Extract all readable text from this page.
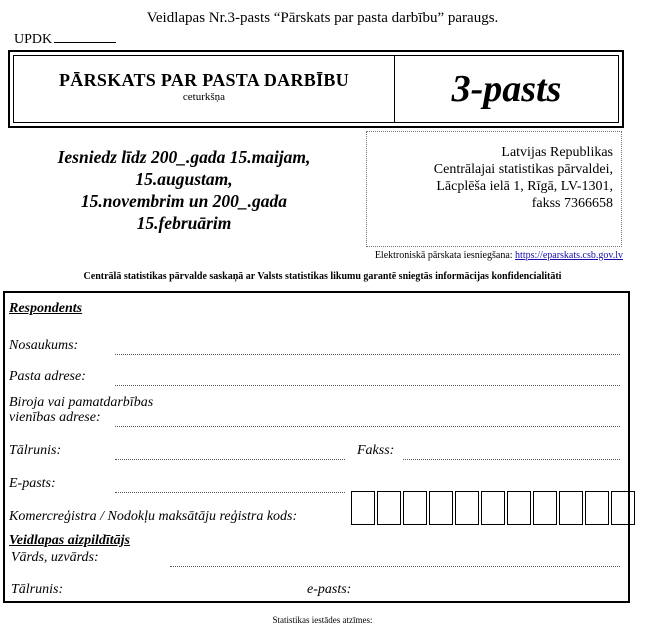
Veidlapas Nr.3-pasts “Pārskats par pasta darbību” paraugs.
UPDK
PĀRSKATS PAR PASTA DARBĪBU
ceturkšņa	3-pasts
Iesniedz līdz 200_.gada 15.maijam,
15.augustam,
15.novembrim un 200_.gada
15.februārim
Latvijas Republikas
Centrālajai statistikas pārvaldei,
Lācplēša ielā 1, Rīgā, LV-1301,
fakss 7366658
Elektroniskā pārskata iesniegšana: https://eparskats.csb.gov.lv
Centrālā statistikas pārvalde saskaņā ar Valsts statistikas likumu garantē sniegtās informācijas konfidencialitāti
Respondents
Nosaukums:
Pasta adrese:
Biroja vai pamatdarbības
vienības adrese:
Tālrunis:	Fakss:
E-pasts:
Komercreģistra / Nodokļu maksātāju reģistra kods:
Veidlapas aizpildītājs
Vārds, uzvārds:
Tālrunis:	e-pasts:
Statistikas iestādes atzīmes:
